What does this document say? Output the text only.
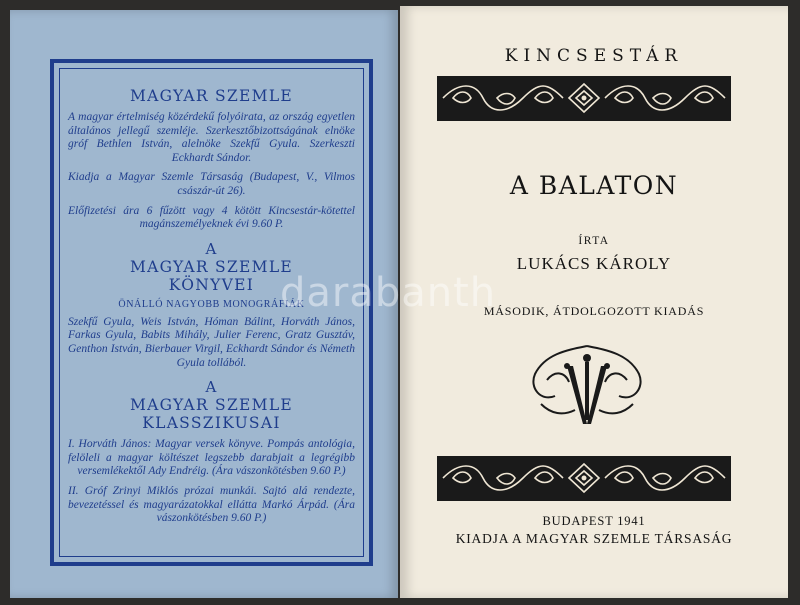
MAGYAR SZEMLE

A magyar értelmiség közérdekű folyóirata, az ország egyetlen általános jellegű szemléje. Szerkesztőbizottságának elnöke gróf Bethlen István, alelnöke Szekfű Gyula. Szerkeszti Eckhardt Sándor.

Kiadja a Magyar Szemle Társaság (Budapest, V., Vilmos császár-út 26).

Előfizetési ára 6 fűzött vagy 4 kötött Kincsestár-kötettel magánszemélyeknek évi 9.60 P.

A

MAGYAR SZEMLE

KÖNYVEI

ÖNÁLLÓ NAGYOBB MONOGRÁFIÁK

Szekfű Gyula, Weis István, Hóman Bálint, Horváth János, Farkas Gyula, Babits Mihály, Julier Ferenc, Gratz Gusztáv, Genthon István, Bierbauer Virgil, Eckhardt Sándor és Németh Gyula tollából.

A

MAGYAR SZEMLE

KLASSZIKUSAI

I. Horváth János: Magyar versek könyve. Pompás antológia, felöleli a magyar költészet legszebb darabjait a legrégibb versemlékektől Ady Endréig. (Ára vászonkötésben 9.60 P.)

II. Gróf Zrinyi Miklós prózai munkái. Sajtó alá rendezte, bevezetéssel és magyarázatokkal ellátta Markó Árpád. (Ára vászonkötésben 9.60 P.)

KINCSESTÁR
A BALATON
ÍRTA
LUKÁCS KÁROLY
MÁSODIK, ÁTDOLGOZOTT KIADÁS
BUDAPEST 1941
KIADJA A MAGYAR SZEMLE TÁRSASÁG
darabanth
